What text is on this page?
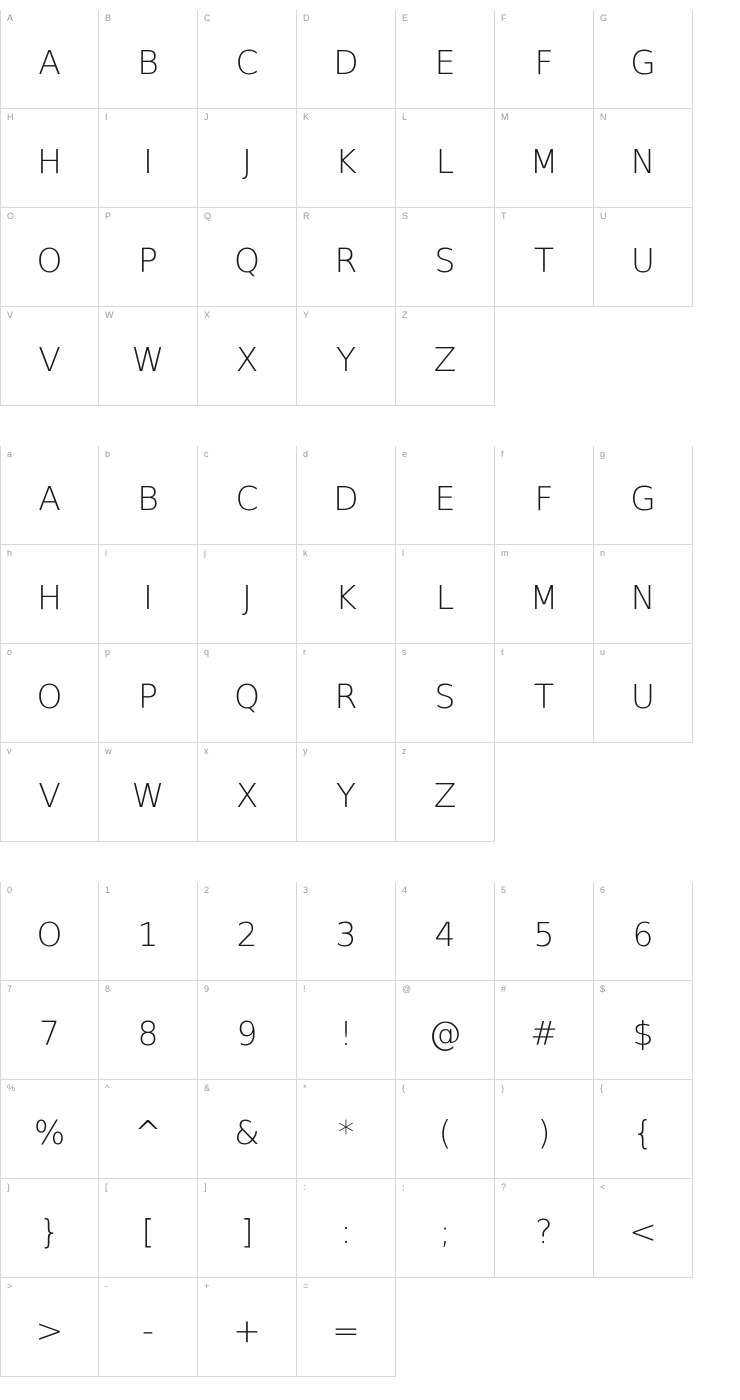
A
A
B
B
C
C
D
D
E
E
F
F
G
G
H
H
I
I
J
J
K
K
L
L
M
M
N
N
O
O
P
P
Q
Q
R
R
S
S
T
T
U
U
V
V
W
W
X
X
Y
Y
Z
Z
a
A
b
B
c
C
d
D
e
E
f
F
g
G
h
H
i
I
j
J
k
K
l
L
m
M
n
N
o
O
p
P
q
Q
r
R
s
S
t
T
u
U
v
V
w
W
x
X
y
Y
z
Z
0
O
1
1
2
2
3
3
4
4
5
5
6
6
7
7
8
8
9
9
!
!
@
@
#
#
$
$
%
%
^
^
&
&
*
*
(
(
)
)
{
{
}
}
[
[
]
]
:
:
;
;
?
?
<
<
>
>
-
-
+
+
=
=
